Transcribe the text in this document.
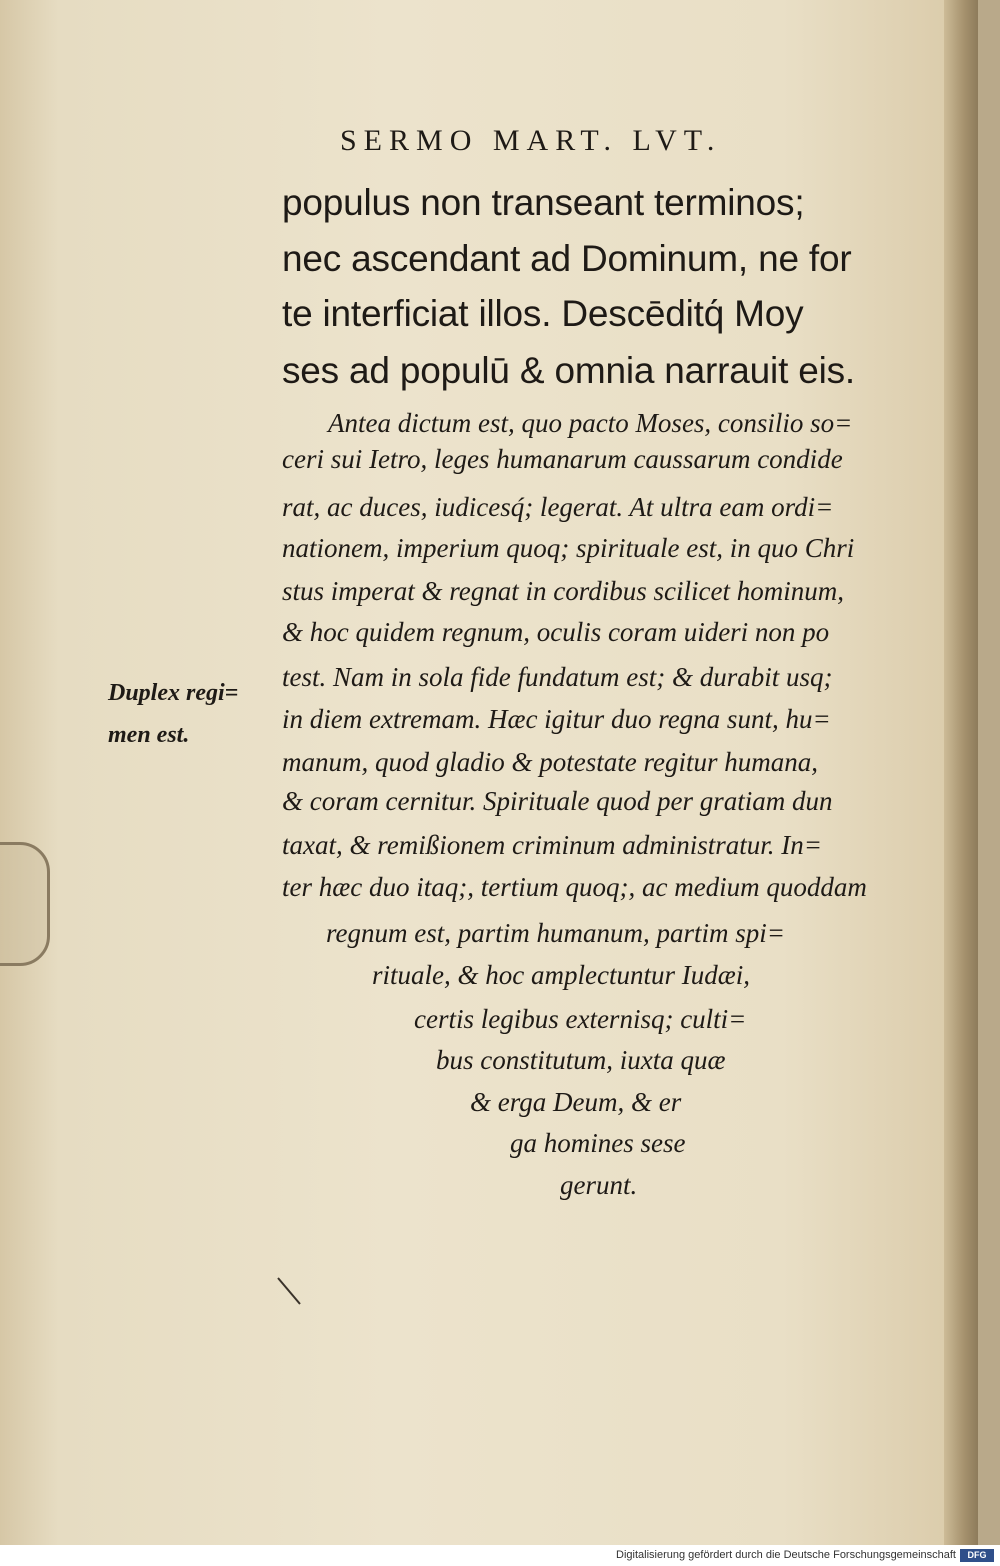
SERMO MART. LVT.
populus non transeant terminos;
nec ascendant ad Dominum, ne for
te interficiat illos. Descēditq́ Moy
ses ad populū & omnia narrauit eis.
Antea dictum est, quo pacto Moses, consilio so=
ceri sui Ietro, leges humanarum caussarum condide
rat, ac duces, iudicesq́; legerat. At ultra eam ordi=
nationem, imperium quoq; spirituale est, in quo Chri
stus imperat & regnat in cordibus scilicet hominum,
& hoc quidem regnum, oculis coram uideri non po
test. Nam in sola fide fundatum est; & durabit usq;
in diem extremam. Hæc igitur duo regna sunt, hu=
manum, quod gladio & potestate regitur humana,
& coram cernitur. Spirituale quod per gratiam dun
taxat, & remißionem criminum administratur. In=
ter hæc duo itaq;, tertium quoq;, ac medium quoddam
regnum est, partim humanum, partim spi=
rituale, & hoc amplectuntur Iudæi,
certis legibus externisq; culti=
bus constitutum, iuxta quæ
& erga Deum, & er
ga homines sese
gerunt.
Duplex regi=
men est.
Digitalisierung gefördert durch die Deutsche Forschungsgemeinschaft	DFG
